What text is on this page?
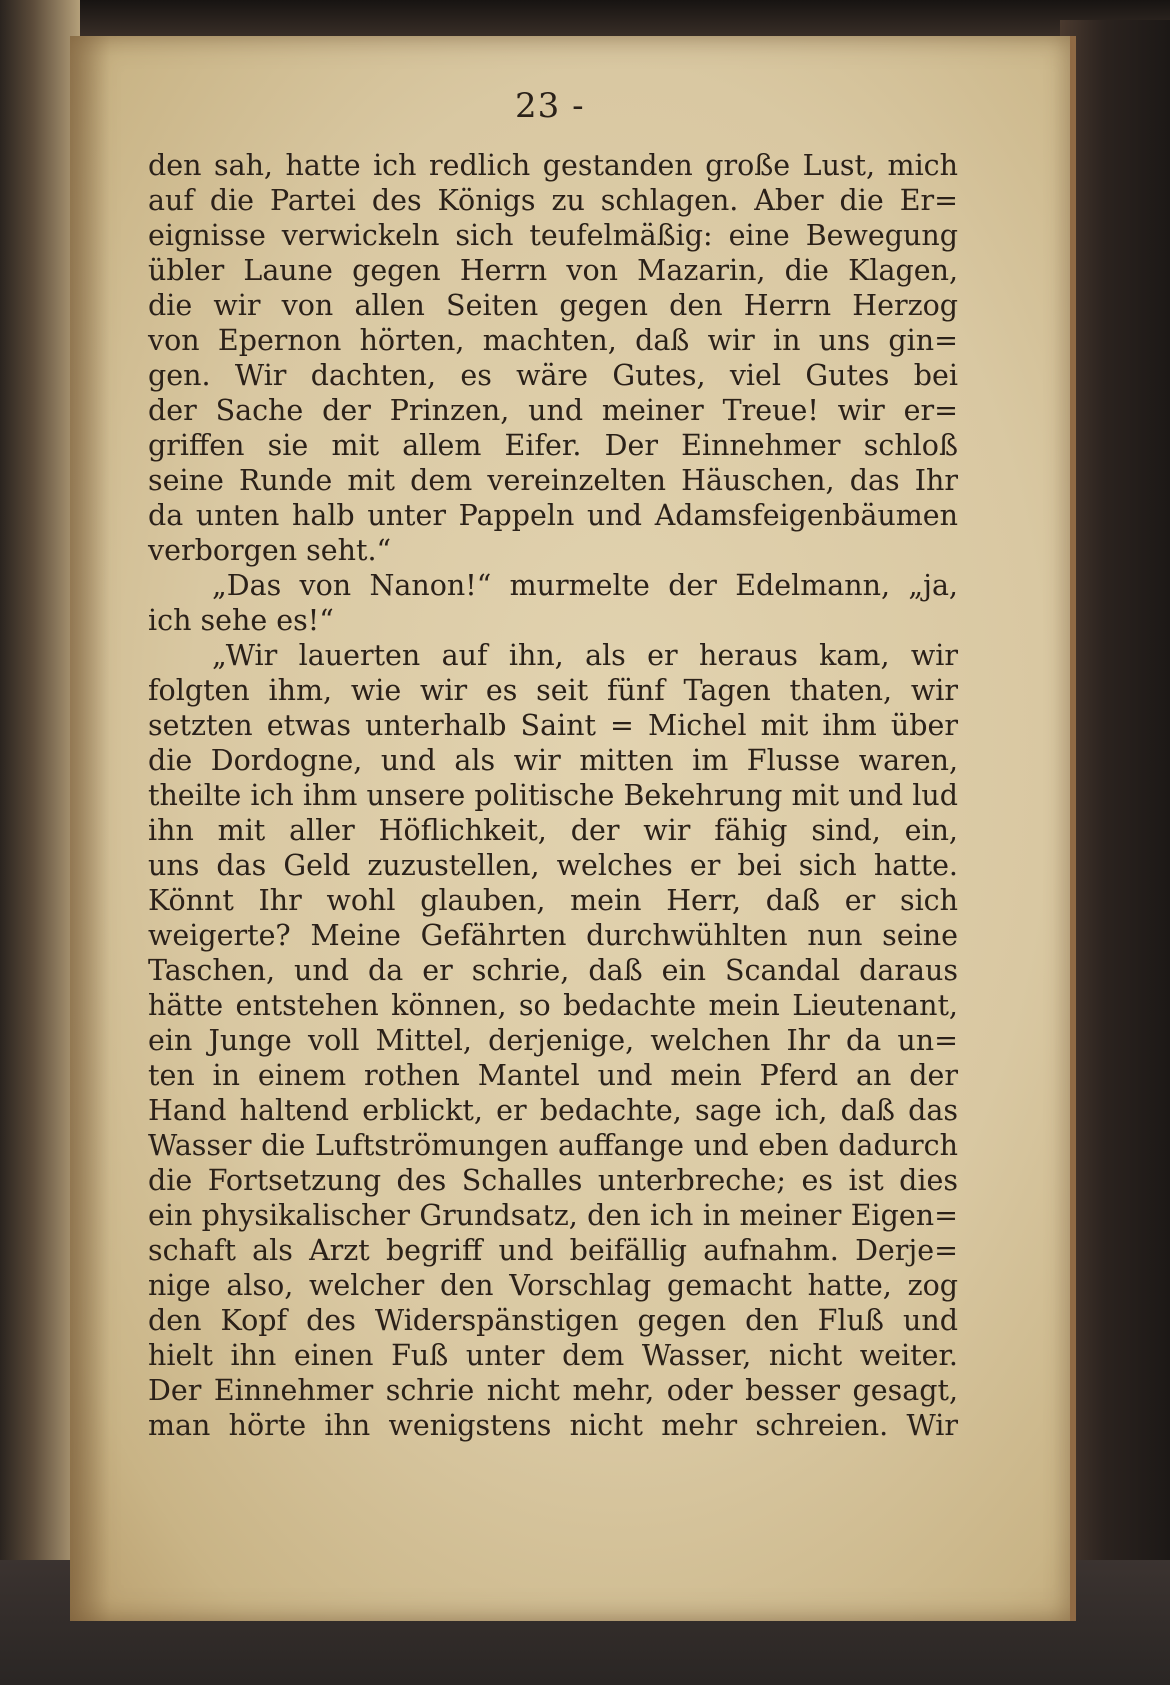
23 -
den sah, hatte ich redlich gestanden große Lust, mich
auf die Partei des Königs zu schlagen. Aber die Er=
eignisse verwickeln sich teufelmäßig: eine Bewegung
übler Laune gegen Herrn von Mazarin, die Klagen,
die wir von allen Seiten gegen den Herrn Herzog
von Epernon hörten, machten, daß wir in uns gin=
gen. Wir dachten, es wäre Gutes, viel Gutes bei
der Sache der Prinzen, und meiner Treue! wir er=
griffen sie mit allem Eifer. Der Einnehmer schloß
seine Runde mit dem vereinzelten Häuschen, das Ihr
da unten halb unter Pappeln und Adamsfeigenbäumen
verborgen seht.“
„Das von Nanon!“ murmelte der Edelmann, „ja,
ich sehe es!“
„Wir lauerten auf ihn, als er heraus kam, wir
folgten ihm, wie wir es seit fünf Tagen thaten, wir
setzten etwas unterhalb Saint = Michel mit ihm über
die Dordogne, und als wir mitten im Flusse waren,
theilte ich ihm unsere politische Bekehrung mit und lud
ihn mit aller Höflichkeit, der wir fähig sind, ein,
uns das Geld zuzustellen, welches er bei sich hatte.
Könnt Ihr wohl glauben, mein Herr, daß er sich
weigerte? Meine Gefährten durchwühlten nun seine
Taschen, und da er schrie, daß ein Scandal daraus
hätte entstehen können, so bedachte mein Lieutenant,
ein Junge voll Mittel, derjenige, welchen Ihr da un=
ten in einem rothen Mantel und mein Pferd an der
Hand haltend erblickt, er bedachte, sage ich, daß das
Wasser die Luftströmungen auffange und eben dadurch
die Fortsetzung des Schalles unterbreche; es ist dies
ein physikalischer Grundsatz, den ich in meiner Eigen=
schaft als Arzt begriff und beifällig aufnahm. Derje=
nige also, welcher den Vorschlag gemacht hatte, zog
den Kopf des Widerspänstigen gegen den Fluß und
hielt ihn einen Fuß unter dem Wasser, nicht weiter.
Der Einnehmer schrie nicht mehr, oder besser gesagt,
man hörte ihn wenigstens nicht mehr schreien. Wir
